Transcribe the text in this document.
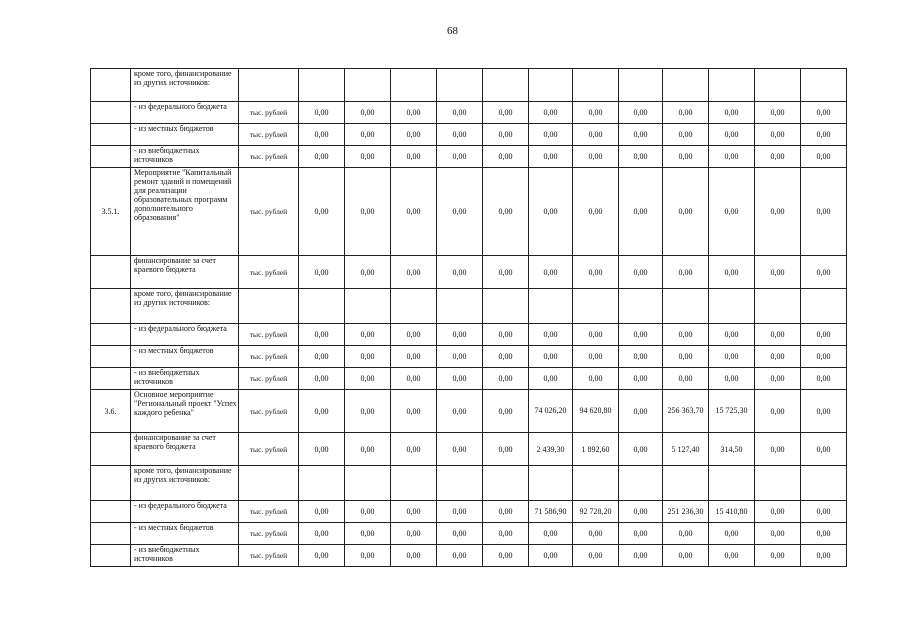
68
	кроме того, финансирование из других источников:													
	- из федерального бюджета	тыс. рублей	0,00	0,00	0,00	0,00	0,00	0,00	0,00	0,00	0,00	0,00	0,00	0,00
	- из местных бюджетов	тыс. рублей	0,00	0,00	0,00	0,00	0,00	0,00	0,00	0,00	0,00	0,00	0,00	0,00
	- из внебюджетных источников	тыс. рублей	0,00	0,00	0,00	0,00	0,00	0,00	0,00	0,00	0,00	0,00	0,00	0,00
3.5.1.	Мероприятие "Капитальный ремонт зданий и помещений для реализации образовательных программ дополнительного образования"	тыс. рублей	0,00	0,00	0,00	0,00	0,00	0,00	0,00	0,00	0,00	0,00	0,00	0,00
	финансирование за счет краевого бюджета	тыс. рублей	0,00	0,00	0,00	0,00	0,00	0,00	0,00	0,00	0,00	0,00	0,00	0,00
	кроме того, финансирование из других источников:													
	- из федерального бюджета	тыс. рублей	0,00	0,00	0,00	0,00	0,00	0,00	0,00	0,00	0,00	0,00	0,00	0,00
	- из местных бюджетов	тыс. рублей	0,00	0,00	0,00	0,00	0,00	0,00	0,00	0,00	0,00	0,00	0,00	0,00
	- из внебюджетных источников	тыс. рублей	0,00	0,00	0,00	0,00	0,00	0,00	0,00	0,00	0,00	0,00	0,00	0,00
3.6.	Основное мероприятие "Региональный проект "Успех каждого ребенка"	тыс. рублей	0,00	0,00	0,00	0,00	0,00	74 026,20	94 620,80	0,00	256 363,70	15 725,30	0,00	0,00
	финансирование за счет краевого бюджета	тыс. рублей	0,00	0,00	0,00	0,00	0,00	2 439,30	1 892,60	0,00	5 127,40	314,50	0,00	0,00
	кроме того, финансирование из других источников:													
	- из федерального бюджета	тыс. рублей	0,00	0,00	0,00	0,00	0,00	71 586,90	92 728,20	0,00	251 236,30	15 410,80	0,00	0,00
	- из местных бюджетов	тыс. рублей	0,00	0,00	0,00	0,00	0,00	0,00	0,00	0,00	0,00	0,00	0,00	0,00
	- из внебюджетных источников	тыс. рублей	0,00	0,00	0,00	0,00	0,00	0,00	0,00	0,00	0,00	0,00	0,00	0,00
